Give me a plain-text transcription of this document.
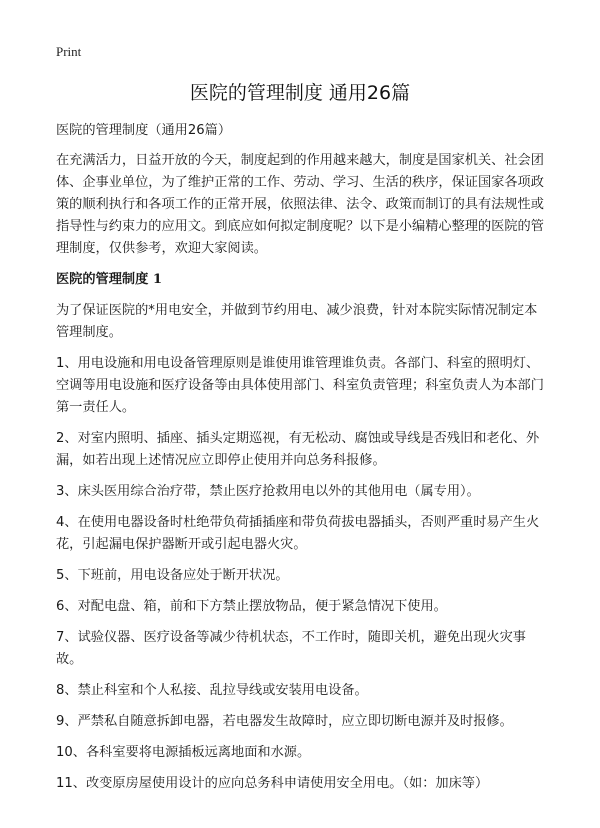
Print
医院的管理制度 通用26篇

医院的管理制度（通用26篇）

在充满活力，日益开放的今天，制度起到的作用越来越大，制度是国家机关、社会团体、企事业单位，为了维护正常的工作、劳动、学习、生活的秩序，保证国家各项政策的顺利执行和各项工作的正常开展，依照法律、法令、政策而制订的具有法规性或指导性与约束力的应用文。到底应如何拟定制度呢？以下是小编精心整理的医院的管理制度，仅供参考，欢迎大家阅读。

医院的管理制度 1

为了保证医院的*用电安全，并做到节约用电、减少浪费，针对本院实际情况制定本管理制度。

1、用电设施和用电设备管理原则是谁使用谁管理谁负责。各部门、科室的照明灯、空调等用电设施和医疗设备等由具体使用部门、科室负责管理；科室负责人为本部门第一责任人。

2、对室内照明、插座、插头定期巡视，有无松动、腐蚀或导线是否残旧和老化、外漏，如若出现上述情况应立即停止使用并向总务科报修。

3、床头医用综合治疗带，禁止医疗抢救用电以外的其他用电（属专用）。

4、在使用电器设备时杜绝带负荷插插座和带负荷拔电器插头，否则严重时易产生火花，引起漏电保护器断开或引起电器火灾。

5、下班前，用电设备应处于断开状况。

6、对配电盘、箱，前和下方禁止摆放物品，便于紧急情况下使用。

7、试验仪器、医疗设备等减少待机状态，不工作时，随即关机，避免出现火灾事故。

8、禁止科室和个人私接、乱拉导线或安装用电设备。

9、严禁私自随意拆卸电器，若电器发生故障时，应立即切断电源并及时报修。

10、各科室要将电源插板远离地面和水源。

11、改变原房屋使用设计的应向总务科申请使用安全用电。（如：加床等）
